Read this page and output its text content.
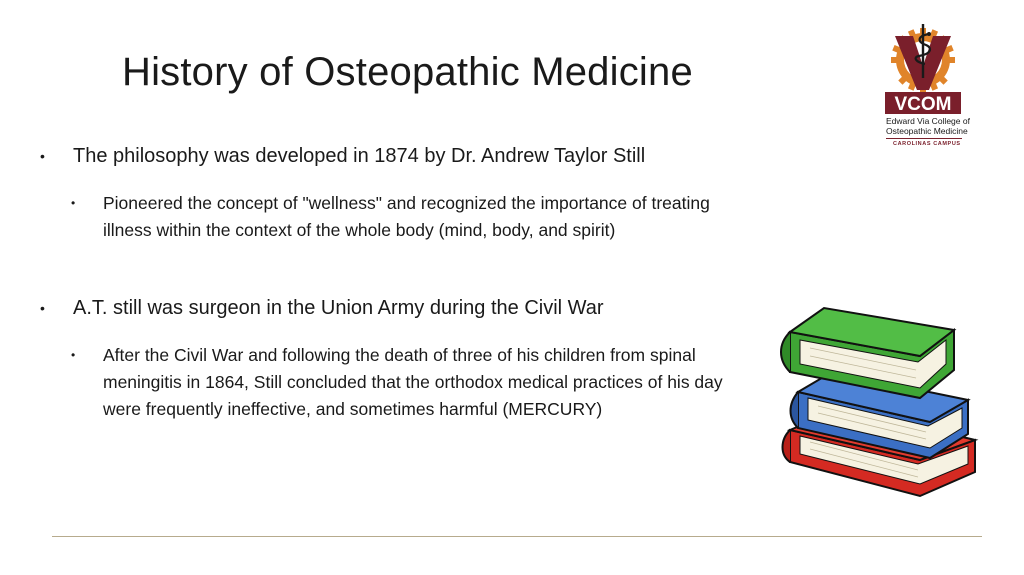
History of Osteopathic Medicine
•	The philosophy was developed in 1874 by Dr. Andrew Taylor Still
•	Pioneered the concept of "wellness" and recognized the importance of treating illness within the context of the whole body (mind, body, and spirit)
•	A.T. still was surgeon in the Union Army during the Civil War
•	After the Civil War and following the death of three of his children from spinal meningitis in 1864, Still concluded that the orthodox medical practices of his day were frequently ineffective, and sometimes harmful (MERCURY)
VCOM
Edward Via College of
Osteopathic Medicine
CAROLINAS CAMPUS
